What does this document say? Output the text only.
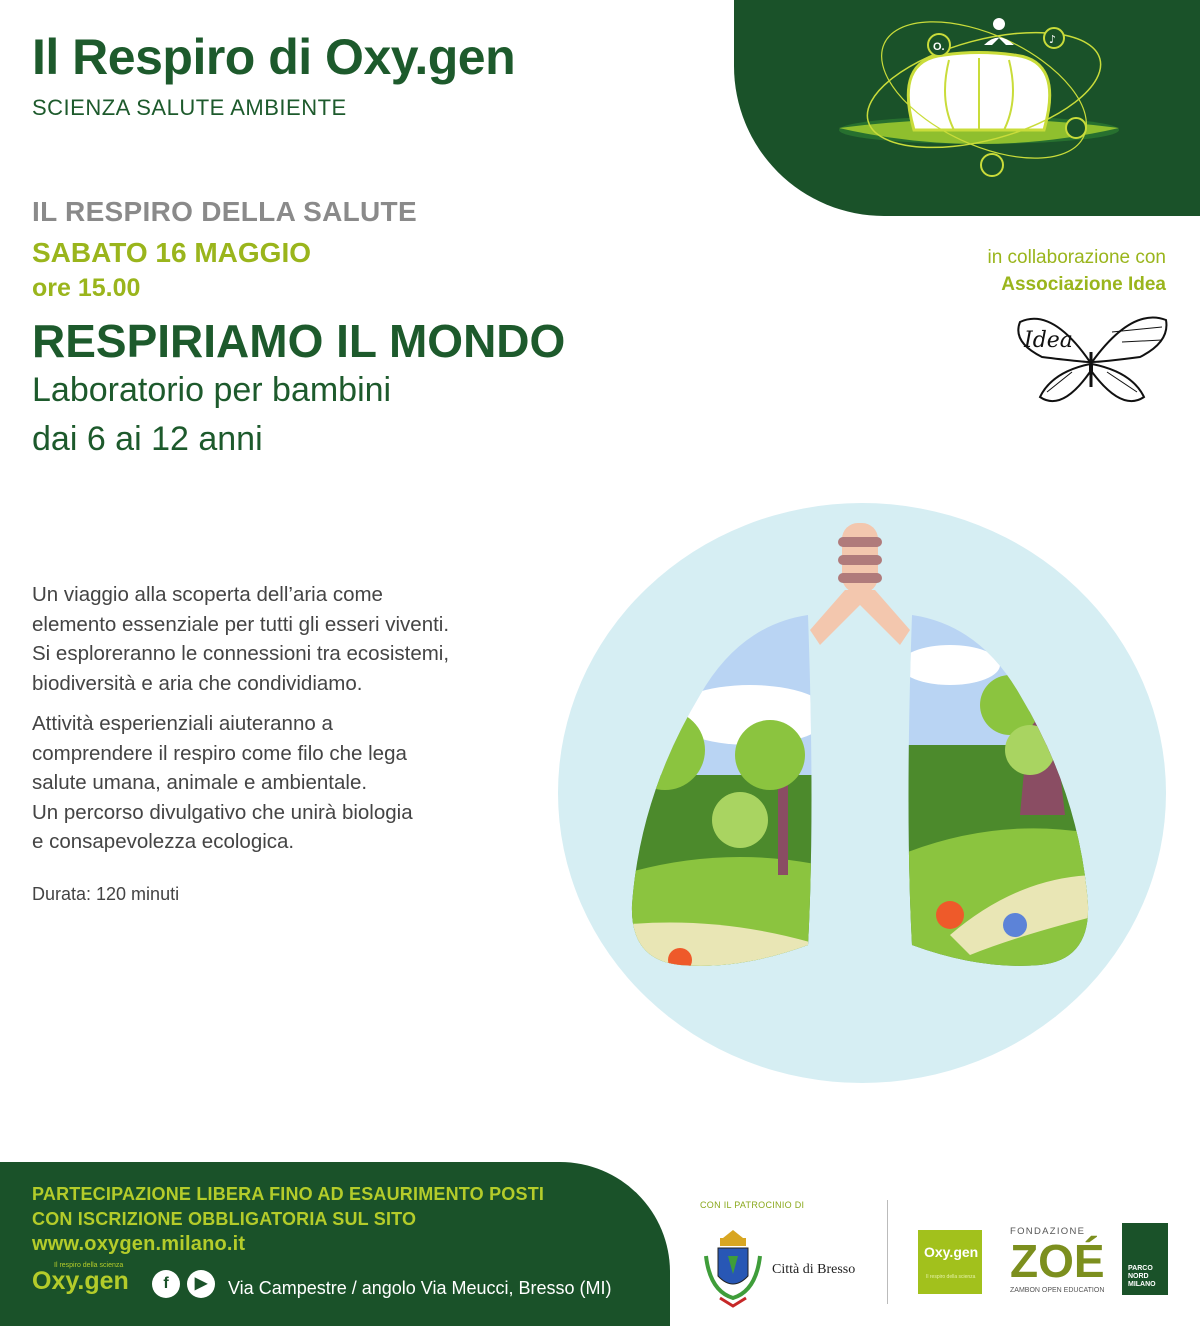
Il Respiro di Oxy.gen
SCIENZA SALUTE AMBIENTE
O.
♪
IL RESPIRO DELLA SALUTE
SABATO 16 MAGGIO
ore 15.00
RESPIRIAMO IL MONDO
Laboratorio per bambini
dai 6 ai 12 anni
in collaborazione con
Associazione Idea
Idea

Un viaggio alla scoperta dell’aria come

elemento essenziale per tutti gli esseri viventi.

Si esploreranno le connessioni tra ecosistemi,

biodiversità e aria che condividiamo.

Attività esperienziali aiuteranno a

comprendere il respiro come filo che lega

salute umana, animale e ambientale.

Un percorso divulgativo che unirà biologia

e consapevolezza ecologica.

Durata: 120 minuti
PARTECIPAZIONE LIBERA FINO AD ESAURIMENTO POSTI
CON ISCRIZIONE OBBLIGATORIA SUL SITO
www.oxygen.milano.it
Il respiro della scienza
Oxy.gen	f	▶	Via Campestre / angolo Via Meucci, Bresso (MI)
CON IL PATROCINIO DI
Città di Bresso
Oxy.gen
Il respiro della scienza
FONDAZIONE
ZOÉ
ZAMBON OPEN EDUCATION
PARCO
NORD
MILANO
